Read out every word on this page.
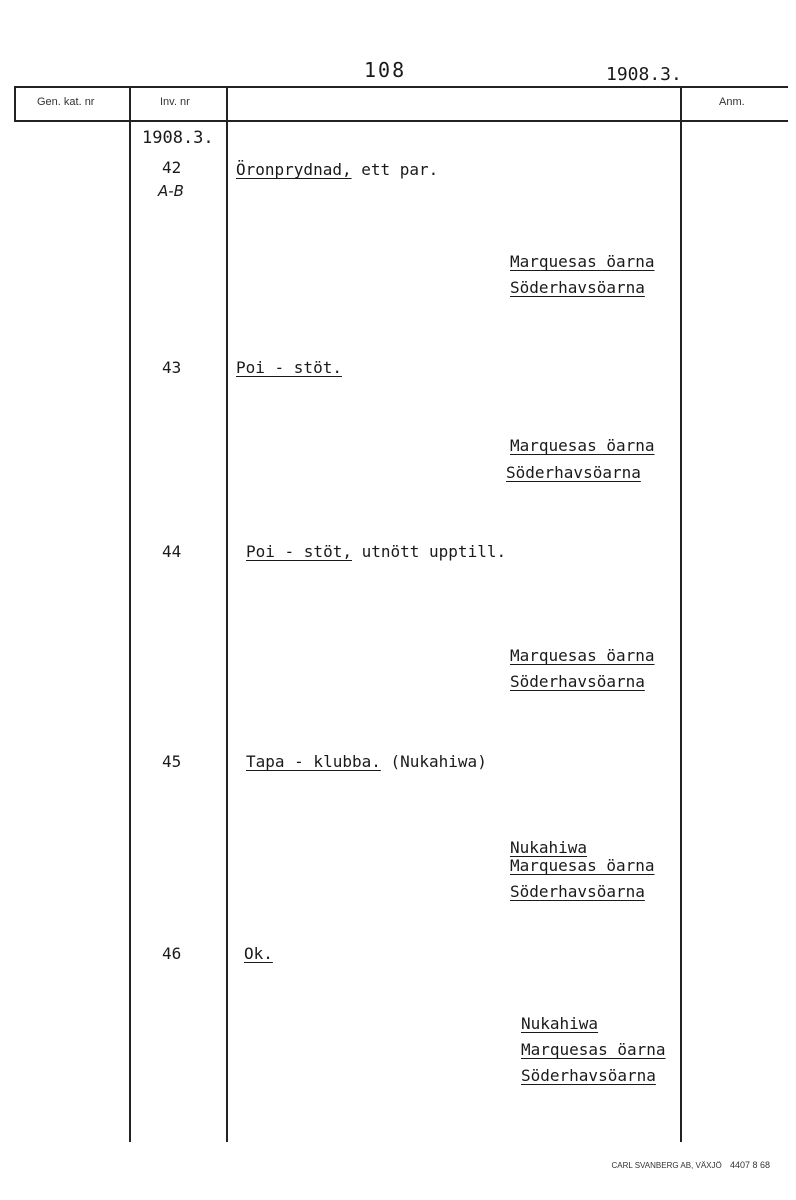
108	1908.3.
Gen. kat. nr	Inv. nr	Anm.
1908.3.
42
A-B
Öronprydnad, ett par.
Marquesas öarna
Söderhavsöarna
43	Poi - stöt.
Marquesas öarna
Söderhavsöarna
44	Poi - stöt, utnött upptill.
Marquesas öarna
Söderhavsöarna
45	Tapa - klubba. (Nukahiwa)
Nukahiwa
Marquesas öarna
Söderhavsöarna
46	Ok.
Nukahiwa
Marquesas öarna
Söderhavsöarna
CARL SVANBERG AB, VÄXJÖ 4407 8 68
